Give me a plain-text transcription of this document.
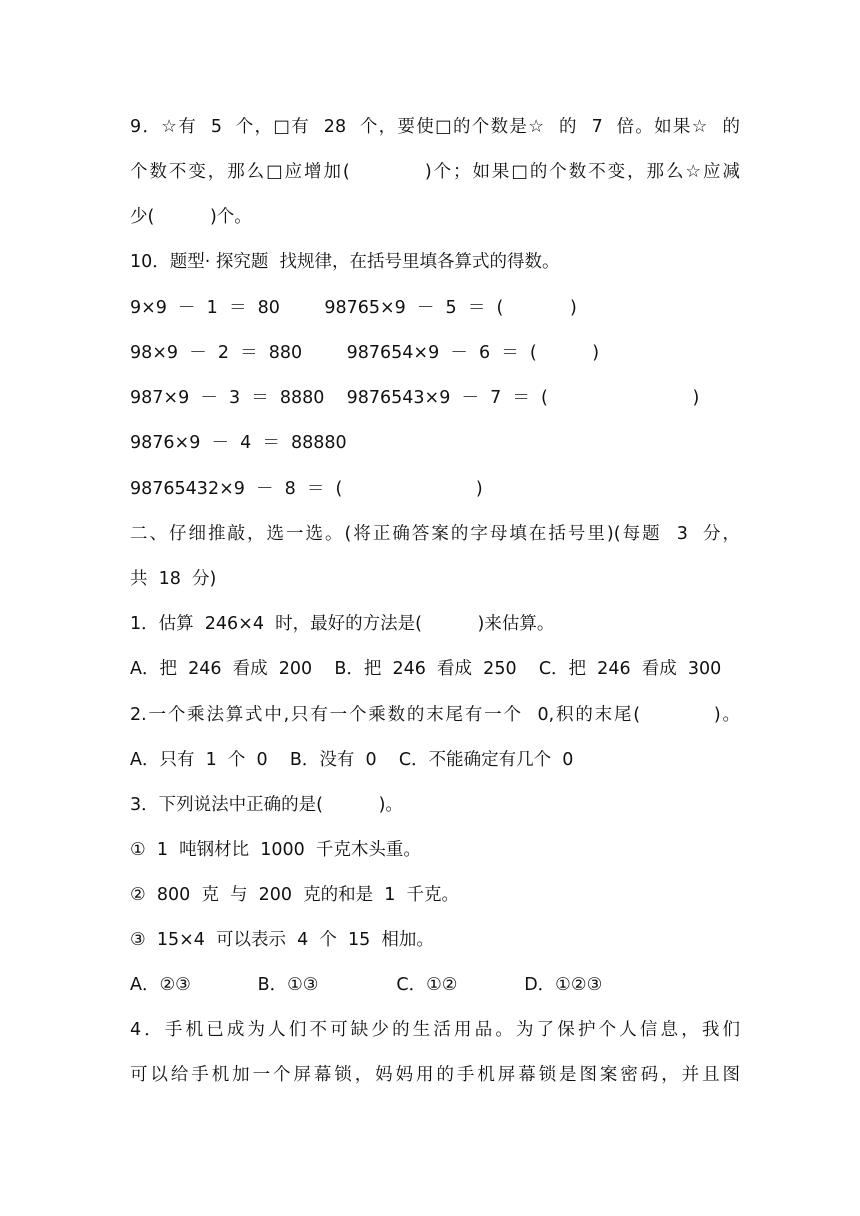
9．☆有  5  个，□有  28  个，要使□的个数是☆  的  7  倍。如果☆  的
个数不变，那么□应增加(          )个；如果□的个数不变，那么☆应减
少(          )个。
10．题型· 探究题  找规律，在括号里填各算式的得数。
9×9  －  1  ＝  80        98765×9  －  5  ＝  (            )
98×9  －  2  ＝  880        987654×9  －  6  ＝  (          )
987×9  －  3  ＝  8880    9876543×9  －  7  ＝  (                          )
9876×9  －  4  ＝  88880
98765432×9  －  8  ＝  (                        )
二、仔细推敲，选一选。(将正确答案的字母填在括号里)(每题  3  分，
共  18  分)
1．估算  246×4  时，最好的方法是(          )来估算。
A．把  246  看成  200    B．把  246  看成  250    C．把  246  看成  300
2.一个乘法算式中,只有一个乘数的末尾有一个  0,积的末尾(          )。
A．只有  1  个  0    B．没有  0    C．不能确定有几个  0
3．下列说法中正确的是(          )。
①  1  吨钢材比  1000  千克木头重。
②  800  克  与  200  克的和是  1  千克。
③  15×4  可以表示  4  个  15  相加。
A．②③            B．①③              C．①②            D．①②③
4．手机已成为人们不可缺少的生活用品。为了保护个人信息，我们
可以给手机加一个屏幕锁，妈妈用的手机屏幕锁是图案密码，并且图
